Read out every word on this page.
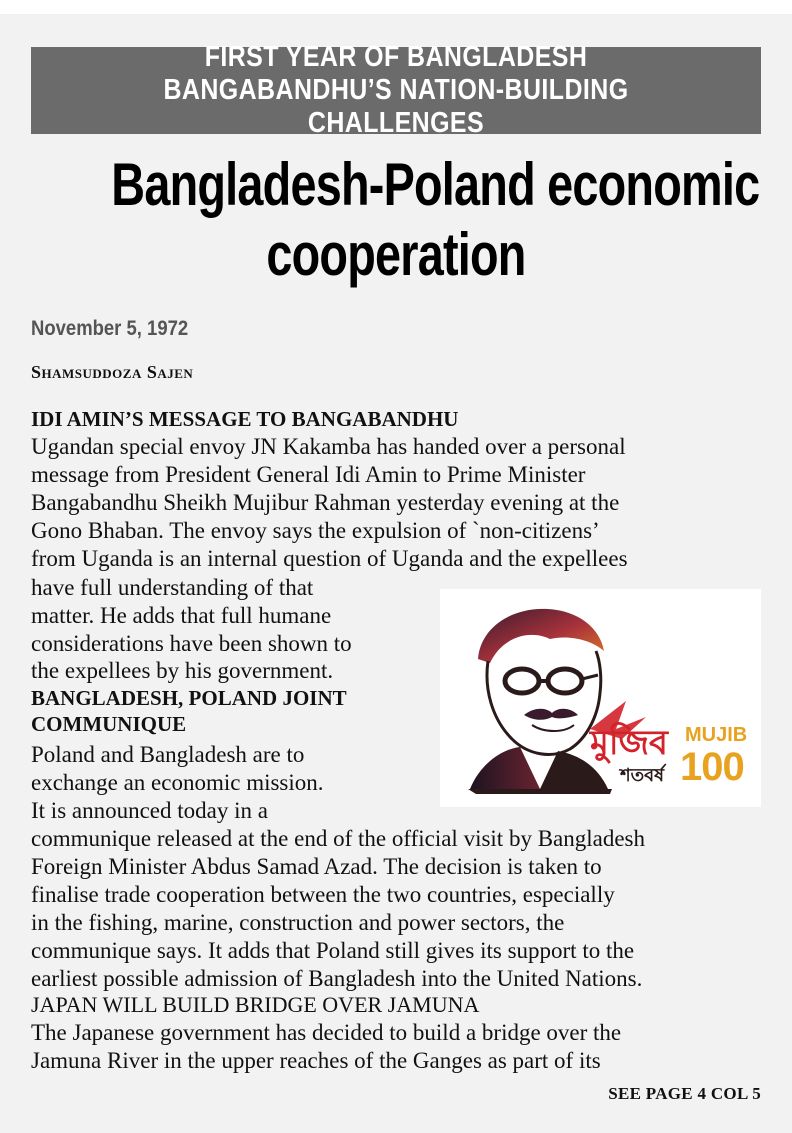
FIRST YEAR OF BANGLADESH
BANGABANDHU’S NATION-BUILDING CHALLENGES
Bangladesh-Poland economic
cooperation
November 5, 1972
Shamsuddoza Sajen
IDI AMIN’S MESSAGE TO BANGABANDHU
Ugandan special envoy JN Kakamba has handed over a personal
message from President General Idi Amin to Prime Minister
Bangabandhu Sheikh Mujibur Rahman yesterday evening at the
Gono Bhaban. The envoy says the expulsion of `non-citizens’
from Uganda is an internal question of Uganda and the expellees
have full understanding of that
matter. He adds that full humane
considerations have been shown to
the expellees by his government.
BANGLADESH, POLAND JOINT
COMMUNIQUE
Poland and Bangladesh are to
exchange an economic mission.
It is announced today in a
communique released at the end of the official visit by Bangladesh
Foreign Minister Abdus Samad Azad. The decision is taken to
finalise trade cooperation between the two countries, especially
in the fishing, marine, construction and power sectors, the
communique says. It adds that Poland still gives its support to the
earliest possible admission of Bangladesh into the United Nations.
JAPAN WILL BUILD BRIDGE OVER JAMUNA
The Japanese government has decided to build a bridge over the
Jamuna River in the upper reaches of the Ganges as part of its
মুজিব
শতবর্ষ
MUJIB
100
SEE PAGE 4 COL 5
